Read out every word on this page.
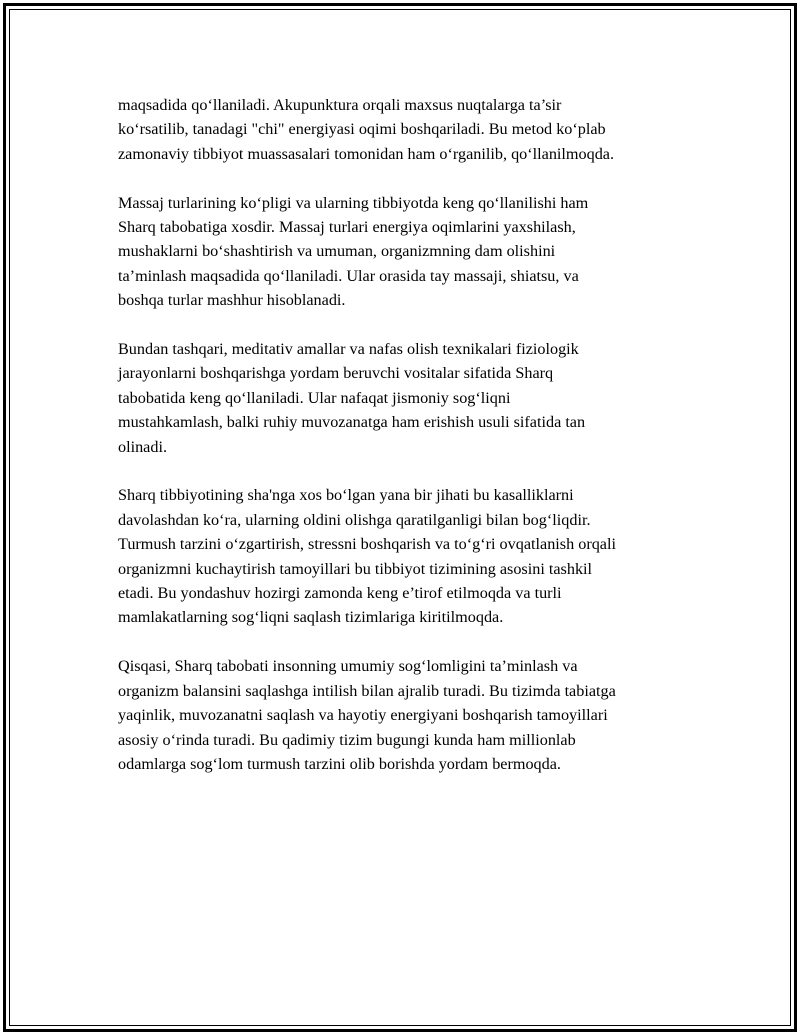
maqsadida qo‘llaniladi. Akupunktura orqali maxsus nuqtalarga ta’sir
ko‘rsatilib, tanadagi "chi" energiyasi oqimi boshqariladi. Bu metod ko‘plab
zamonaviy tibbiyot muassasalari tomonidan ham o‘rganilib, qo‘llanilmoqda.

Massaj turlarining ko‘pligi va ularning tibbiyotda keng qo‘llanilishi ham
Sharq tabobatiga xosdir. Massaj turlari energiya oqimlarini yaxshilash,
mushaklarni bo‘shashtirish va umuman, organizmning dam olishini
ta’minlash maqsadida qo‘llaniladi. Ular orasida tay massaji, shiatsu, va
boshqa turlar mashhur hisoblanadi.

Bundan tashqari, meditativ amallar va nafas olish texnikalari fiziologik
jarayonlarni boshqarishga yordam beruvchi vositalar sifatida Sharq
tabobatida keng qo‘llaniladi. Ular nafaqat jismoniy sog‘liqni
mustahkamlash, balki ruhiy muvozanatga ham erishish usuli sifatida tan
olinadi.

Sharq tibbiyotining sha'nga xos bo‘lgan yana bir jihati bu kasalliklarni
davolashdan ko‘ra, ularning oldini olishga qaratilganligi bilan bog‘liqdir.
Turmush tarzini o‘zgartirish, stressni boshqarish va to‘g‘ri ovqatlanish orqali
organizmni kuchaytirish tamoyillari bu tibbiyot tizimining asosini tashkil
etadi. Bu yondashuv hozirgi zamonda keng e’tirof etilmoqda va turli
mamlakatlarning sog‘liqni saqlash tizimlariga kiritilmoqda.

Qisqasi, Sharq tabobati insonning umumiy sog‘lomligini ta’minlash va
organizm balansini saqlashga intilish bilan ajralib turadi. Bu tizimda tabiatga
yaqinlik, muvozanatni saqlash va hayotiy energiyani boshqarish tamoyillari
asosiy o‘rinda turadi. Bu qadimiy tizim bugungi kunda ham millionlab
odamlarga sog‘lom turmush tarzini olib borishda yordam bermoqda.
